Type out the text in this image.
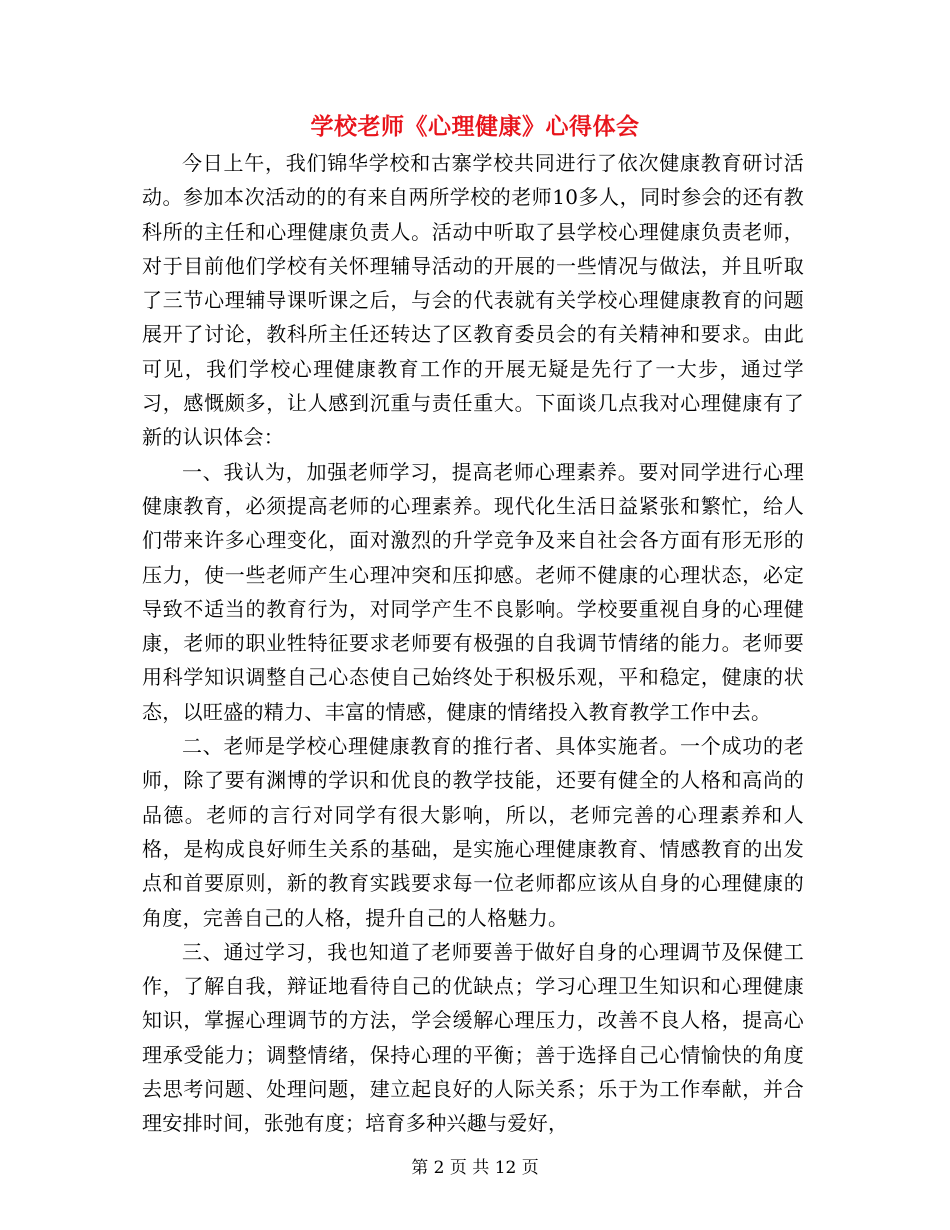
学校老师《心理健康》心得体会

今日上午，我们锦华学校和古寨学校共同进行了依次健康教育研讨活动。参加本次活动的的有来自两所学校的老师10多人，同时参会的还有教科所的主任和心理健康负责人。活动中听取了县学校心理健康负责老师，对于目前他们学校有关怀理辅导活动的开展的一些情况与做法，并且听取了三节心理辅导课听课之后，与会的代表就有关学校心理健康教育的问题展开了讨论，教科所主任还转达了区教育委员会的有关精神和要求。由此可见，我们学校心理健康教育工作的开展无疑是先行了一大步，通过学习，感慨颇多，让人感到沉重与责任重大。下面谈几点我对心理健康有了新的认识体会：

一、我认为，加强老师学习，提高老师心理素养。要对同学进行心理健康教育，必须提高老师的心理素养。现代化生活日益紧张和繁忙，给人们带来许多心理变化，面对激烈的升学竞争及来自社会各方面有形无形的压力，使一些老师产生心理冲突和压抑感。老师不健康的心理状态，必定导致不适当的教育行为，对同学产生不良影响。学校要重视自身的心理健康，老师的职业牲特征要求老师要有极强的自我调节情绪的能力。老师要用科学知识调整自己心态使自己始终处于积极乐观，平和稳定，健康的状态，以旺盛的精力、丰富的情感，健康的情绪投入教育教学工作中去。

二、老师是学校心理健康教育的推行者、具体实施者。一个成功的老师，除了要有渊博的学识和优良的教学技能，还要有健全的人格和高尚的品德。老师的言行对同学有很大影响，所以，老师完善的心理素养和人格，是构成良好师生关系的基础，是实施心理健康教育、情感教育的出发点和首要原则，新的教育实践要求每一位老师都应该从自身的心理健康的角度，完善自己的人格，提升自己的人格魅力。

三、通过学习，我也知道了老师要善于做好自身的心理调节及保健工作，了解自我，辩证地看待自己的优缺点；学习心理卫生知识和心理健康知识，掌握心理调节的方法，学会缓解心理压力，改善不良人格，提高心理承受能力；调整情绪，保持心理的平衡；善于选择自己心情愉快的角度去思考问题、处理问题，建立起良好的人际关系；乐于为工作奉献，并合理安排时间，张弛有度；培育多种兴趣与爱好，

第 2 页 共 12 页
